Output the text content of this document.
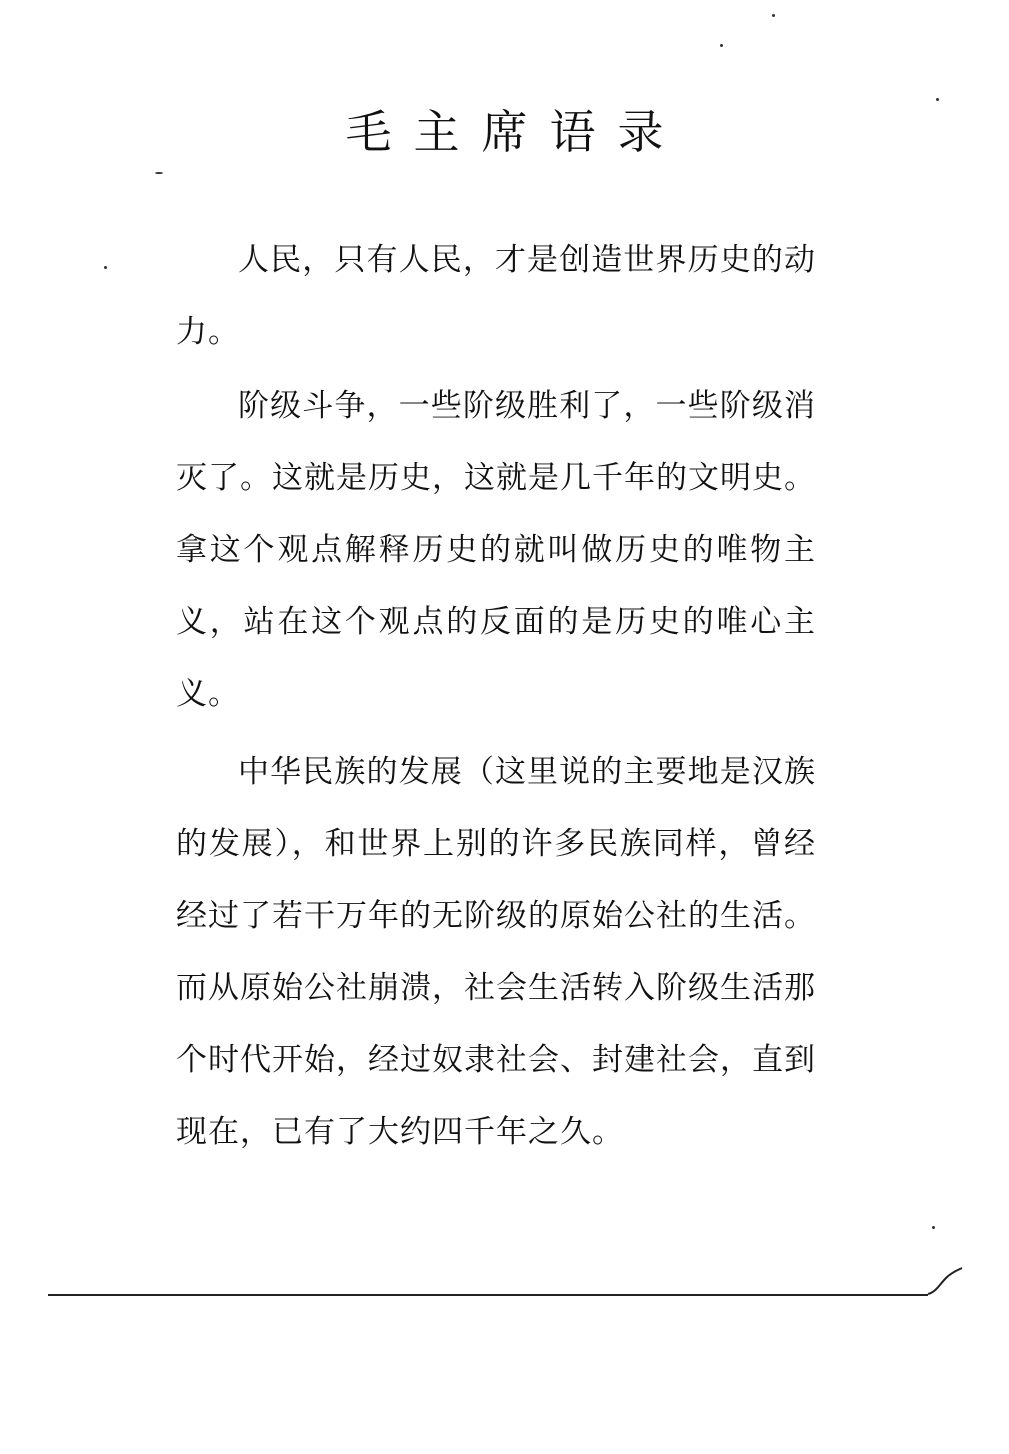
毛主席语录

人民，只有人民，才是创造世界历史的动力。

阶级斗争，一些阶级胜利了，一些阶级消灭了。这就是历史，这就是几千年的文明史。拿这个观点解释历史的就叫做历史的唯物主义，站在这个观点的反面的是历史的唯心主义。

中华民族的发展（这里说的主要地是汉族的发展），和世界上别的许多民族同样，曾经经过了若干万年的无阶级的原始公社的生活。而从原始公社崩溃，社会生活转入阶级生活那个时代开始，经过奴隶社会、封建社会，直到现在，已有了大约四千年之久。
